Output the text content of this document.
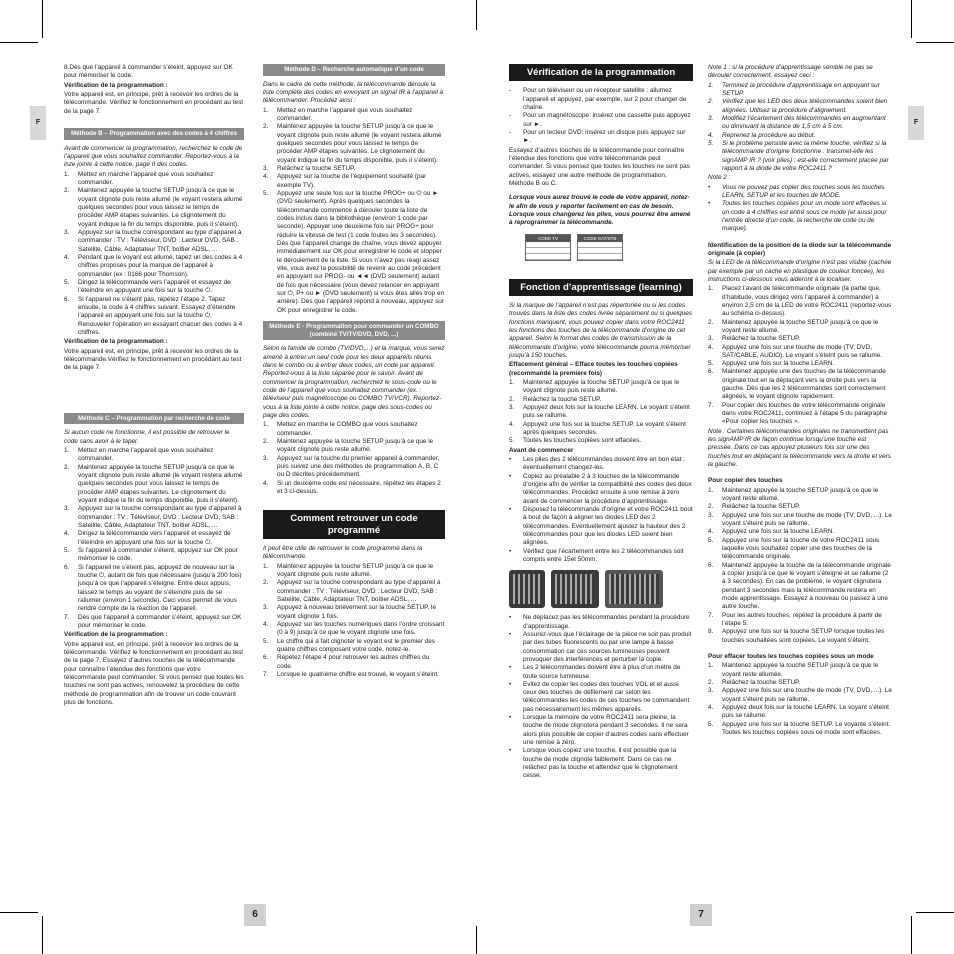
F	F
6	7

8.Dès que l’appareil à commander s’éteint, appuyez sur OK pour mémoriser le code.

Vérification de la programmation :

Votre appareil est, en principe, prêt à recevoir les ordres de la télécommande. Vérifiez le fonctionnement en procédant au test de la page 7.

Méthode B – Programmation avec des codes à 4 chiffres

Avant de commencer la programmation, recherchez le code de l’appareil que vous souhaitez commander. Reportez-vous à la liste jointe à cette notice, page II des codes.

1. Mettez en marche l’appareil que vous souhaitez commander.
2. Maintenez appuyée la touche SETUP jusqu’à ce que le voyant clignote puis reste allumé (le voyant restera allumé quelques secondes pour vous laissez le temps de procéder AMP étapes suivantes. Le clignotement du voyant indique la fin du temps disponible, puis il s’éteint).
3. Appuyez sur la touche correspondant au type d’appareil à commander : TV : Téléviseur, DVD : Lecteur DVD, SAB : Satellite, Câble, Adaptateur TNT, boîtier ADSL, ...
4. Pendant que le voyant est allumé, tapez un des codes à 4 chiffres proposés pour la marque de l’appareil à commander (ex : 0166 pour Thomson).
5. Dirigez la télécommande vers l’appareil et essayez de l’éteindre en appuyant une fois sur la touche ⏻.
6. Si l’appareil ne s’éteint pas, répétez l’étape 2. Tapez ensuite, le code à 4 chiffres suivant. Essayez d’éteindre l’appareil en appuyant une fois sur la touche ⏻. Renouveler l’opération en essayant chacun des codes à 4 chiffres.

Vérification de la programmation :

Votre appareil est, en principe, prêt à recevoir les ordres de la télécommande.Vérifiez le fonctionnement en procédant au test de la page 7.

Méthode C – Programmation par recherche de code

Si aucun code ne fonctionne, il est possible de retrouver le code sans avoir à le taper.

1. Mettez en marche l’appareil que vous souhaitez commander.
2. Maintenez appuyée la touche SETUP jusqu’à ce que le voyant clignote puis reste allumé (le voyant restera allumé quelques secondes pour vous laissez le temps de procéder AMP étapes suivantes. Le clignotement du voyant indique la fin du temps disponible, puis il s’éteint).
3. Appuyez sur la touche correspondant au type d’appareil à commander : TV : Téléviseur, DVD : Lecteur DVD, SAB : Satellite, Câble, Adaptateur TNT, boîtier ADSL, ...
4. Dirigez la télécommande vers l’appareil et essayez de l’éteindre en appuyant une fois sur la touche ⏻.
5. Si l’appareil à commander s’éteint, appuyez sur OK pour mémoriser le code.
6. Si l’appareil ne s’éteint pas, appuyez de nouveau sur la touche ⏻, autant de fois que nécessaire (jusqu’à 200 fois) jusqu’à ce que l’appareil s’éteigne. Entre deux appuis, laissez le temps au voyant de s’éteindre puis de se rallumer (environ 1 seconde). Ceci vous permet de vous rendre compte de la réaction de l’appareil.
7. Dès que l’appareil à commander s’éteint, appuyez sur OK pour mémoriser le code.

Vérification de la programmation :

Votre appareil est, en principe, prêt à recevoir les ordres de la télécommande. Vérifiez le fonctionnement en procédant au test de la page 7. Essayez d’autres touches de la télécommande pour connaître l’étendue des fonctions que votre télécommande peut commander. Si vous pensez que toutes les touches ne sont pas actives, renouvelez la procédure de cette méthode de programmation afin de trouver un code couvrant plus de fonctions.

Méthode D – Recherche automatique d’un code

Dans le cadre de cette méthode, la télécommande déroule la liste complète des codes en envoyant un signal IR à l’appareil à télécommander. Procédez ainsi :

1. Mettez en marche l’appareil que vous souhaitez commander.
2. Maintenez appuyée la touche SETUP jusqu’à ce que le voyant clignote puis reste allumé (le voyant restera allumé quelques secondes pour vous laissez le temps de procéder AMP étapes suivantes. Le clignotement du voyant indique la fin du temps disponible, puis il s’éteint).
3. Relâchez la touche SETUP.
4. Appuyez sur la touche de l’équipement souhaité (par exemple TV).
5. Appuyez une seule fois sur la touche PROG+ ou ⏻ ou ► (DVD seulement). Après quelques secondes la télécommande commence à dérouler toute la liste de codes inclus dans la bibliothèque (environ 1 code par seconde). Appuyer une deuxième fois sur PROG+ pour réduire la vitesse de test (1 code toutes les 3 secondes). Dès que l’appareil change de chaîne, vous devez appuyer immédiatement sur OK pour enregistrer le code et stopper le déroulement de la liste. Si vous n’avez pas réagi assez vite, vous avez la possibilité de revenir au code précédent en appuyant sur PROG- ou ◄◄ (DVD seulement) autant de fois que nécessaire (vous devez relancer en appuyant sur ⏻, P+ ou ► (DVD seulement) si vous êtes allés trop en arrière). Dès que l’appareil répond à nouveau, appuyez sur OK pour enregistrer le code.
Méthode E - Programmation pour commander un COMBO (combiné TV/TV/DVD, DVD, ...)

Selon la famille de combo (TV/DVD,...) et la marque, vous serez amené à entrer un seul code pour les deux appareils réunis dans le combo ou à entrer deux codes, un code par appareil. Reportez-vous à la liste séparée pour le savoir. Avant de commencer la programmation, recherchez le sous-code ou le code de l’appareil que vous souhaitez commander (ex. : téléviseur puis magnétoscope ou COMBO TV/VCR). Reportez-vous à la liste jointe à cette notice, page des sous-codes ou page des codes.

1. Mettez en marche le COMBO que vous souhaitez commander.
2. Maintenez appuyée la touche SETUP jusqu’à ce que le voyant clignote puis reste allumé.
3. Appuyez sur la touche du premier appareil à commander, puis suivez une des méthodes de programmation A, B, C ou D décrites précédemment.
4. Si un deuxième code est nécessaire, répétez les étapes 2 et 3 ci-dessus.
Comment retrouver un code programmé

Il peut être utile de retrouver le code programmé dans la télécommande.

1. Maintenez appuyée la touche SETUP jusqu’à ce que le voyant clignote puis reste allumé.
2. Appuyez sur la touche correspondant au type d’appareil à commander : TV : Téléviseur, DVD : Lecteur DVD, SAB : Satellite, Câble, Adaptateur TNT, boîtier ADSL, ...
3. Appuyez à nouveau brièvement sur la touche SETUP, le voyant clignote 1 fois.
4. Appuyez sur les touches numériques dans l’ordre croissant (0 à 9) jusqu’à ce que le voyant clignote une fois.
5. Le chiffre qui a fait clignoter le voyant est le premier des quatre chiffres composant votre code, notez-le.
6. Répétez l’étape 4 pour retrouver les autres chiffres du code.
7. Lorsque le quatrième chiffre est trouvé, le voyant s’éteint.
Vérification de la programmation
- Pour un téléviseur ou un récepteur satellite : allumez l’appareil et appuyez, par exemple, sur 2 pour changer de chaîne.
- Pour un magnétoscope: insérez une cassette puis appuyez sur ►.
- Pour un lecteur DVD: insérez un disque puis appuyez sur ►.

Essayez d’autres touches de la télécommande pour connaître l’étendue des fonctions que votre télécommande peut commander. Si vous pensez que toutes les touches ne sont pas actives, essayez une autre méthode de programmation, Méthode B ou C.

Lorsque vous aurez trouvé le code de votre appareil, notez-le afin de vous y reporter facilement en cas de besoin. Lorsque vous changerez les piles, vous pourrez être amené à reprogrammer la télécommande.

CODE TV	CODE SAT/STB
Fonction d’apprentissage (learning)

Si la marque de l’appareil n’est pas répertoriée ou si les codes trouvés dans la liste des codes livrée séparément ou si quelques fonctions manquent, vous pouvez copier dans votre ROC2411 les fonctions des touches de la télécommande d’origine de cet appareil. Selon le format des codes de transmission de la télécommande d’origine, votre télécommande pourra mémoriser jusqu’à 150 touches.

Effacement général – Efface toutes les touches copiées (recommandé la première fois)

1. Maintenez appuyée la touche SETUP jusqu’à ce que le voyant clignote puis reste allumé.
2. Relâchez la touche SETUP.
3. Appuyez deux fois sur la touche LEARN. Le voyant s’éteint puis se rallume.
4. Appuyez une fois sur la touche SETUP. Le voyant s’éteint après quelques secondes.
5. Toutes les touches copiées sont effacées.

Avant de commencer

• Les piles des 2 télécommandes doivent être en bon état ; éventuellement changez-les.
• Copiez au préalable 2 à 3 touches de la télécommande d’origine afin de vérifier la compatibilité des codes des deux télécommandes. Procédez ensuite à une remise à zéro avant de commencer la procédure d’apprentissage.
• Disposez la télécommande d’origine et votre ROC2411 bout à bout de façon à aligner les diodes LED des 2 télécommandes. Eventuellement ajustez la hauteur des 2 télécommandes pour que les diodes LED soient bien alignées.
• Vérifiez que l’écartement entre les 2 télécommandes soit compris entre 15et 50mm.
• Ne déplacez pas les télécommandes pendant la procédure d’apprentissage.
• Assurez-vous que l’éclairage de la pièce ne soit pas produit par des tubes fluorescents ou par une lampe à basse consommation car ces sources lumineuses peuvent provoquer des interférences et perturber la copie.
• Les 2 télécommandes doivent être à plus d’un mètre de toute source lumineuse.
• Evitez de copier les codes des touches VOL et et aussi ceux des touches de défilement car selon les télécommandes les codes de ces touches ne commandent pas nécessairement les mêmes appareils.
• Lorsque la mémoire de votre ROC2411 sera pleine, la touche de mode clignotera pendant 3 secondes. Il ne sera alors plus possible de copier d’autres codes sans effectuer une remise à zéro.
• Lorsque vous copiez une touche, il est possible que la touche de mode clignote faiblement. Dans ce cas ne relâchez pas la touche et attendez que le clignotement cesse.

Note 1 : si la procédure d’apprentissage semble ne pas se dérouler correctement, essayez ceci :

1. Terminez la procédure d’apprentissage en appuyant sur SETUP.
2. Vérifiez que les LED des deux télécommandes soient bien alignées. Utilisez la procédure d’alignement.
3. Modifiez l’écartement des télécommandes en augmentant ou diminuant la distance de 1,5 cm à 5 cm.
4. Reprenez la procédure au début.
5. Si le problème persiste avec la même touche, vérifiez si la télécommande d’origine fonctionne : transmet-elle les signAMP IR ? (voir piles) ; est-elle correctement placée par rapport à la diode de votre ROC2411 ?

Note 2 :

• Vous ne pouvez pas copier des touches sous les touches LEARN, SETUP et les touches de MODE.
• Toutes les touches copiées pour un mode sont effacées si un code à 4 chiffres est entré sous ce mode (et aussi pour l’entrée directe d’un code, la recherche de code ou de marque).

Identification de la position de la diode sur la télécommande originale (à copier)

Si la LED de la télécommande d’origine n’est pas visible (cachée par exemple par un cache en plastique de couleur foncée), les instructions ci-dessous vous aideront à la localiser.

1. Placez l’avant de télécommande originale (la partie que, d’habitude, vous dirigez vers l’appareil à commander) à environ 2,5 cm de la LED de votre ROC2411 (reportez-vous au schéma ci-dessus).
2. Maintenez appuyée la touche SETUP jusqu’à ce que le voyant reste allumé.
3. Relâchez la touche SETUP.
4. Appuyez une fois sur une touche de mode (TV, DVD, SAT/CABLE, AUDIO). Le voyant s’éteint puis se rallume.
5. Appuyez une fois sur la touche LEARN.
6. Maintenez appuyée une des touches de la télécommande originale tout en la déplaçant vers la droite puis vers la gauche. Dès que les 2 télécommandes sont correctement alignées, le voyant clignote rapidement.
7. Pour copier des touches de votre télécommande originale dans votre ROC2411, continuez à l’étape 5 du paragraphe «Pour copier les touches ».

Note : Certaines télécommandes originales ne transmettent pas les signAMP IR de façon continue lorsqu’une touche est pressée. Dans ce cas appuyez plusieurs fois sur une des touches tout en déplaçant la télécommande vers la droite et vers la gauche.

Pour copier des touches

1. Maintenez appuyée la touche SETUP jusqu’à ce que le voyant reste allumé.
2. Relâchez la touche SETUP.
3. Appuyez une fois sur une touche de mode (TV, DVD, ...). Le voyant s’éteint puis se rallume.
4. Appuyez une fois sur la touche LEARN.
5. Appuyez une fois sur la touche de votre ROC2411 sous laquelle vous souhaitez copier une des touches de la télécommande originale.
6. Maintenez appuyée la touche de la télécommande originale à copier jusqu’à ce que le voyant s’éteigne et se rallume (2 à 3 secondes). En cas de problème, le voyant clignotera pendant 3 secondes mais la télécommande restera en mode apprentissage. Essayez à nouveau ou passez à une autre touche.
7. Pour les autres touches, répétez la procédure à partir de l’étape 5.
8. Appuyez une fois sur la touche SETUP lorsque toutes les touches souhaitées sont copiées. Le voyant s’éteint.

Pour effacer toutes les touches copiées sous un mode

1. Maintenez appuyée la touche SETUP jusqu’à ce que le voyant reste allumée.
2. Relâchez la touche SETUP.
3. Appuyez une fois sur une touche de mode (TV, DVD, ...). Le voyant s’éteint puis se rallume.
4. Appuyez deux fois sur la touche LEARN. Le voyant s’éteint puis se rallume.
5. Appuyez une fois sur la touche SETUP. Le voyante s’éteint. Toutes les touches copiées sous ce mode sont effacées.
